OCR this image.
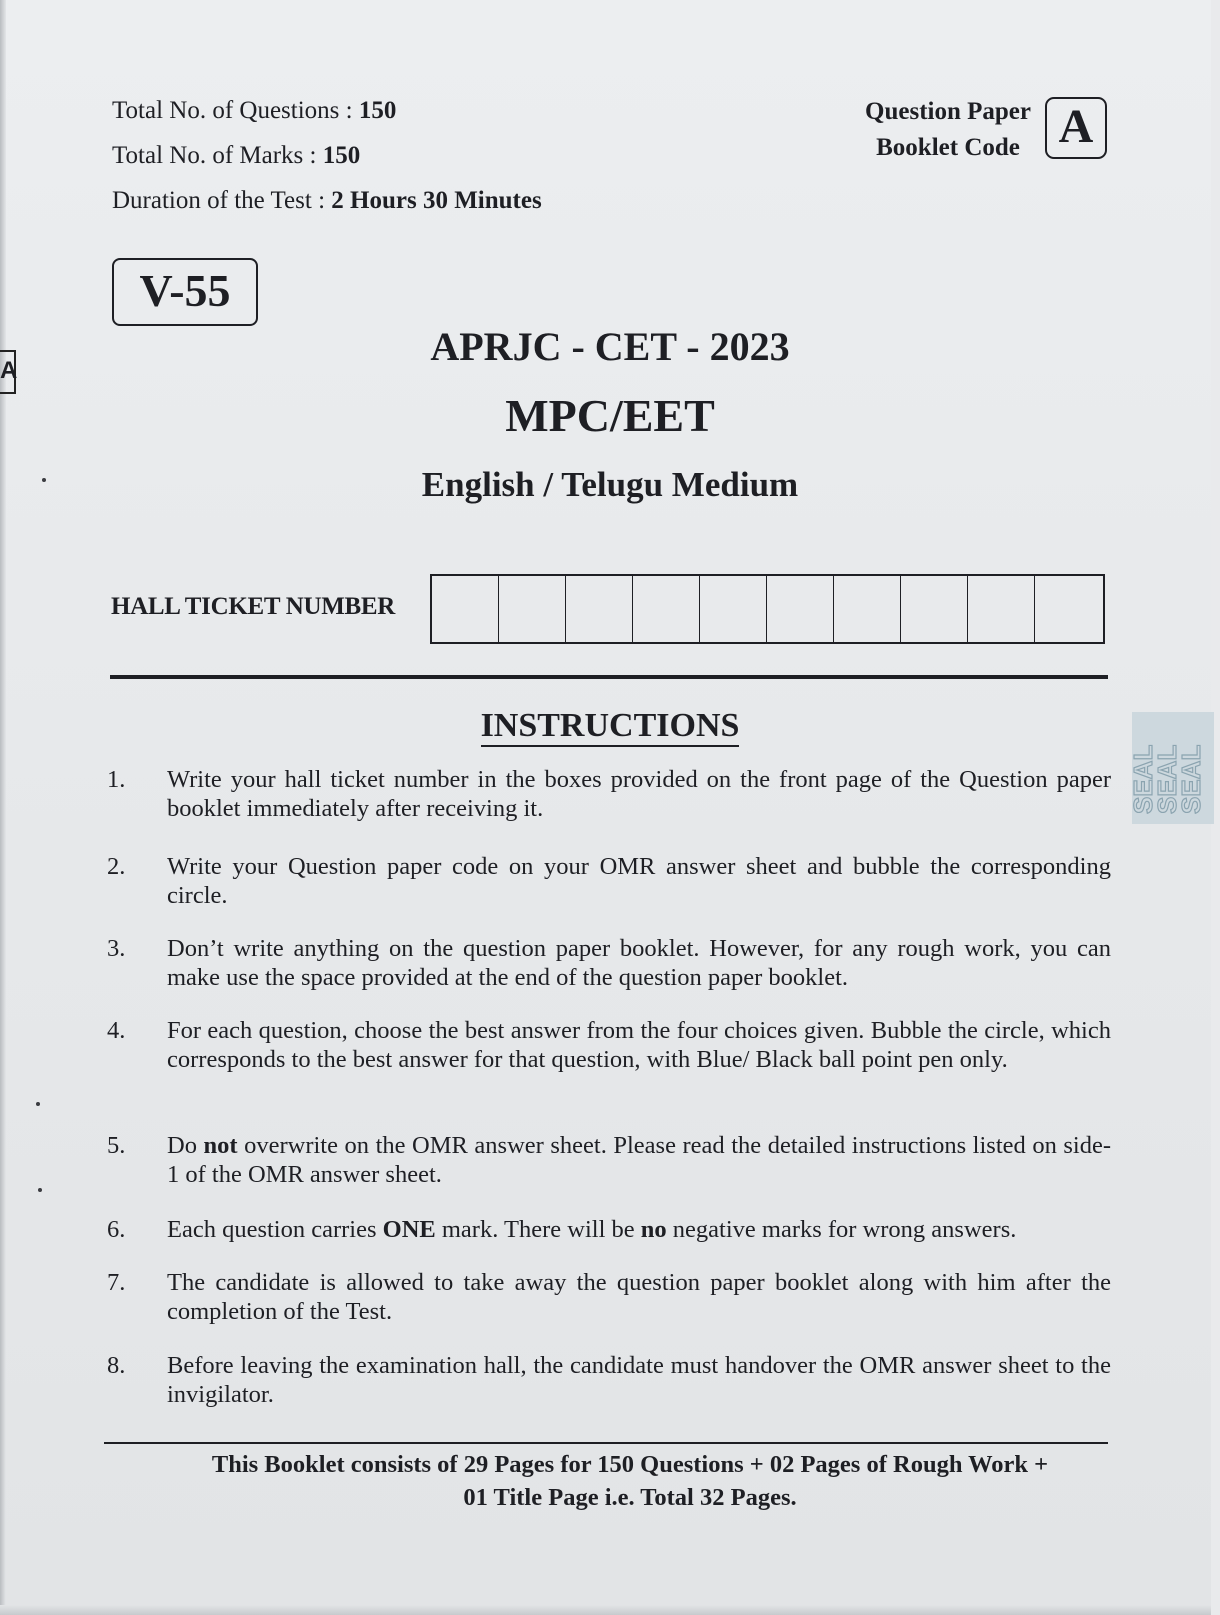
A
Total No. of Questions : 150
Total No. of Marks : 150
Duration of the Test : 2 Hours 30 Minutes
Question Paper
Booklet Code A
V-55
APRJC - CET - 2023
MPC/EET
English / Telugu Medium
HALL TICKET NUMBER
INSTRUCTIONS
1. Write your hall ticket number in the boxes provided on the front page of the Question paper booklet immediately after receiving it.
2. Write your Question paper code on your OMR answer sheet and bubble the corresponding circle.
3. Don’t write anything on the question paper booklet. However, for any rough work, you can make use the space provided at the end of the question paper booklet.
4. For each question, choose the best answer from the four choices given. Bubble the circle, which corresponds to the best answer for that question, with Blue/ Black ball point pen only.
5. Do not overwrite on the OMR answer sheet. Please read the detailed instructions listed on side-1 of the OMR answer sheet.
6. Each question carries ONE mark. There will be no negative marks for wrong answers.
7. The candidate is allowed to take away the question paper booklet along with him after the completion of the Test.
8. Before leaving the examination hall, the candidate must handover the OMR answer sheet to the invigilator.
This Booklet consists of 29 Pages for 150 Questions + 02 Pages of Rough Work +
01 Title Page i.e. Total 32 Pages.
SEAL
SEAL
SEAL
